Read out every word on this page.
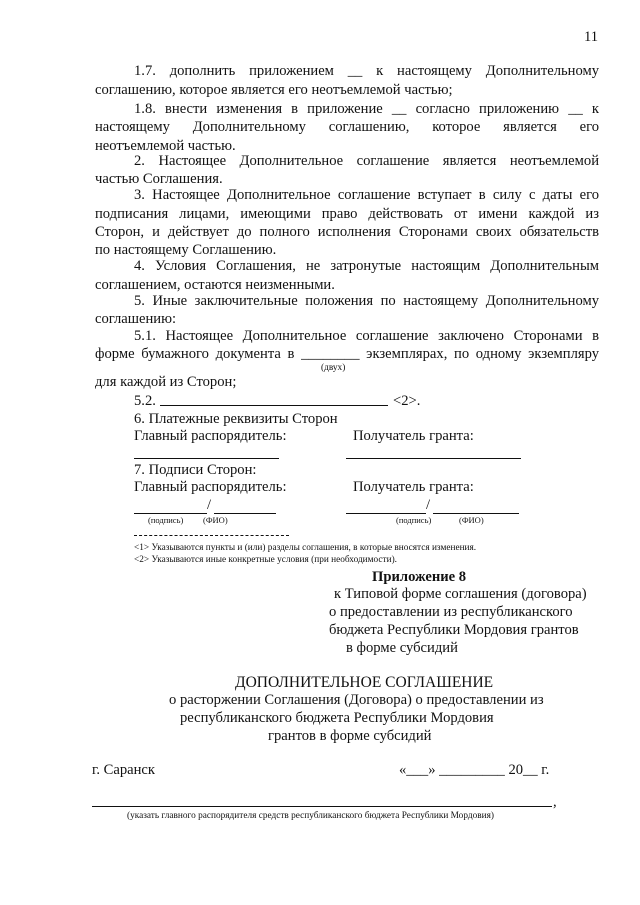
11
1.7. дополнить приложением __ к настоящему Дополнительному
соглашению, которое является его неотъемлемой частью;
1.8. внести изменения в приложение __ согласно приложению __ к
настоящему Дополнительному соглашению, которое является его
неотъемлемой частью.
2. Настоящее Дополнительное соглашение является неотъемлемой
частью Соглашения.
3. Настоящее Дополнительное соглашение вступает в силу с даты его
подписания лицами, имеющими право действовать от имени каждой из
Сторон, и действует до полного исполнения Сторонами своих обязательств
по настоящему Соглашению.
4. Условия Соглашения, не затронутые настоящим Дополнительным
соглашением, остаются неизменными.
5. Иные заключительные положения по настоящему Дополнительному
соглашению:
5.1. Настоящее Дополнительное соглашение заключено Сторонами в
форме бумажного документа в ________ экземплярах, по одному экземпляру
(двух)
для каждой из Сторон;
5.2.	<2>.
6. Платежные реквизиты Сторон
Главный распорядитель:	Получатель гранта:
7. Подписи Сторон:
Главный распорядитель:	Получатель гранта:
/	/
(подпись) (ФИО)	(подпись)	(ФИО)
<1> Указываются пункты и (или) разделы соглашения, в которые вносятся изменения.
<2> Указываются иные конкретные условия (при необходимости).
Приложение 8
к Типовой форме соглашения (договора)
о предоставлении из республиканского
бюджета Республики Мордовия грантов
в форме субсидий
ДОПОЛНИТЕЛЬНОЕ СОГЛАШЕНИЕ
о расторжении Соглашения (Договора) о предоставлении из
республиканского бюджета Республики Мордовия
грантов в форме субсидий
г. Саранск	«___» _________ 20__ г.
,
(указать главного распорядителя средств республиканского бюджета Республики Мордовия)
